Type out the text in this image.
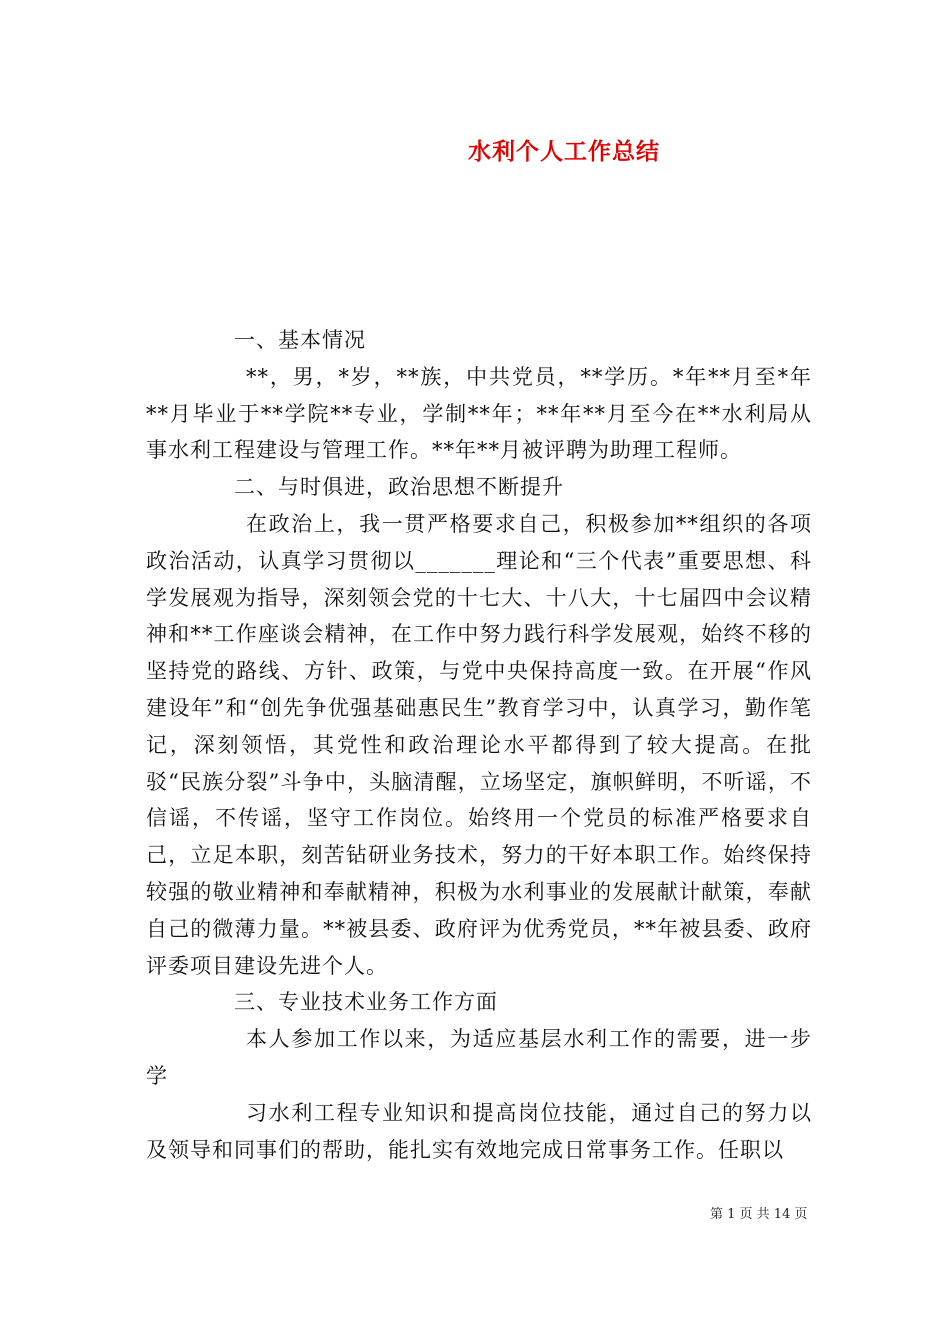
水利个人工作总结

一、基本情况

**，男，*岁，**族，中共党员，**学历。*年**月至*年**月毕业于**学院**专业，学制**年；**年**月至今在**水利局从事水利工程建设与管理工作。**年**月被评聘为助理工程师。

二、与时俱进，政治思想不断提升

在政治上，我一贯严格要求自己，积极参加**组织的各项政治活动，认真学习贯彻以_______理论和“三个代表”重要思想、科学发展观为指导，深刻领会党的十七大、十八大，十七届四中会议精神和**工作座谈会精神，在工作中努力践行科学发展观，始终不移的坚持党的路线、方针、政策，与党中央保持高度一致。在开展“作风建设年”和“创先争优强基础惠民生”教育学习中，认真学习，勤作笔记，深刻领悟，其党性和政治理论水平都得到了较大提高。在批驳“民族分裂”斗争中，头脑清醒，立场坚定，旗帜鲜明，不听谣，不信谣，不传谣，坚守工作岗位。始终用一个党员的标准严格要求自己，立足本职，刻苦钻研业务技术，努力的干好本职工作。始终保持较强的敬业精神和奉献精神，积极为水利事业的发展献计献策，奉献自己的微薄力量。**被县委、政府评为优秀党员，**年被县委、政府评委项目建设先进个人。

三、专业技术业务工作方面

本人参加工作以来，为适应基层水利工作的需要，进一步学

习水利工程专业知识和提高岗位技能，通过自己的努力以及领导和同事们的帮助，能扎实有效地完成日常事务工作。任职以

第 1 页 共 14 页
